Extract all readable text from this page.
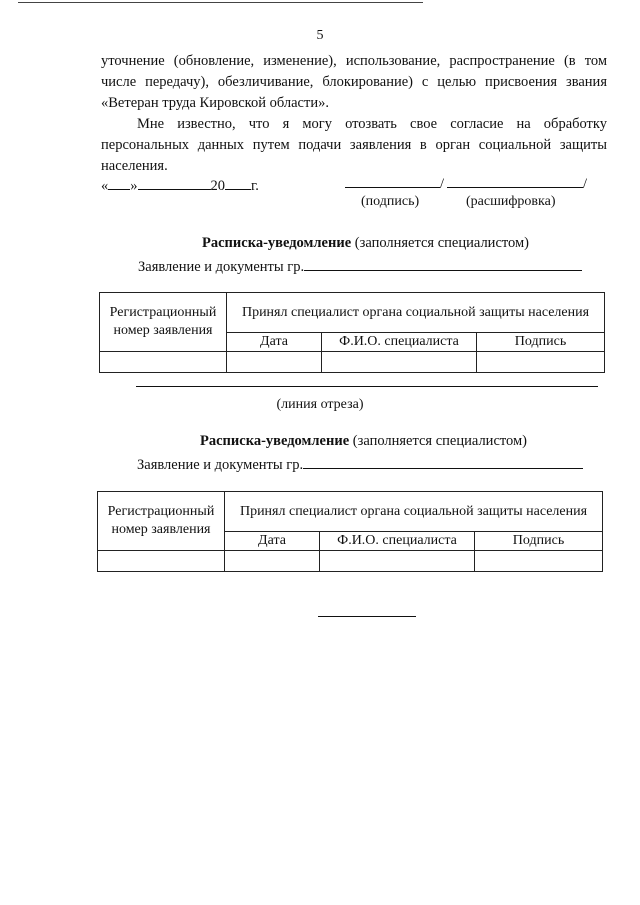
5

уточнение (обновление, изменение), использование, распространение (в том числе передачу), обезличивание, блокирование) с целью присвоения звания «Ветеран труда Кировской области».

Мне известно, что я могу отозвать свое согласие на обработку персональных данных путем подачи заявления в орган социальной защиты населения.

« »	20 г.	/	/
(подпись)	(расшифровка)
Расписка-уведомление (заполняется специалистом)
Заявление и документы гр.
Регистрационный номер заявления	Принял специалист органа социальной защиты населения		
	Дата	Ф.И.О. специалиста	Подпись

(линия отреза)
Расписка-уведомление (заполняется специалистом)
Заявление и документы гр.
Регистрационный номер заявления	Принял специалист органа социальной защиты населения		
	Дата	Ф.И.О. специалиста	Подпись
